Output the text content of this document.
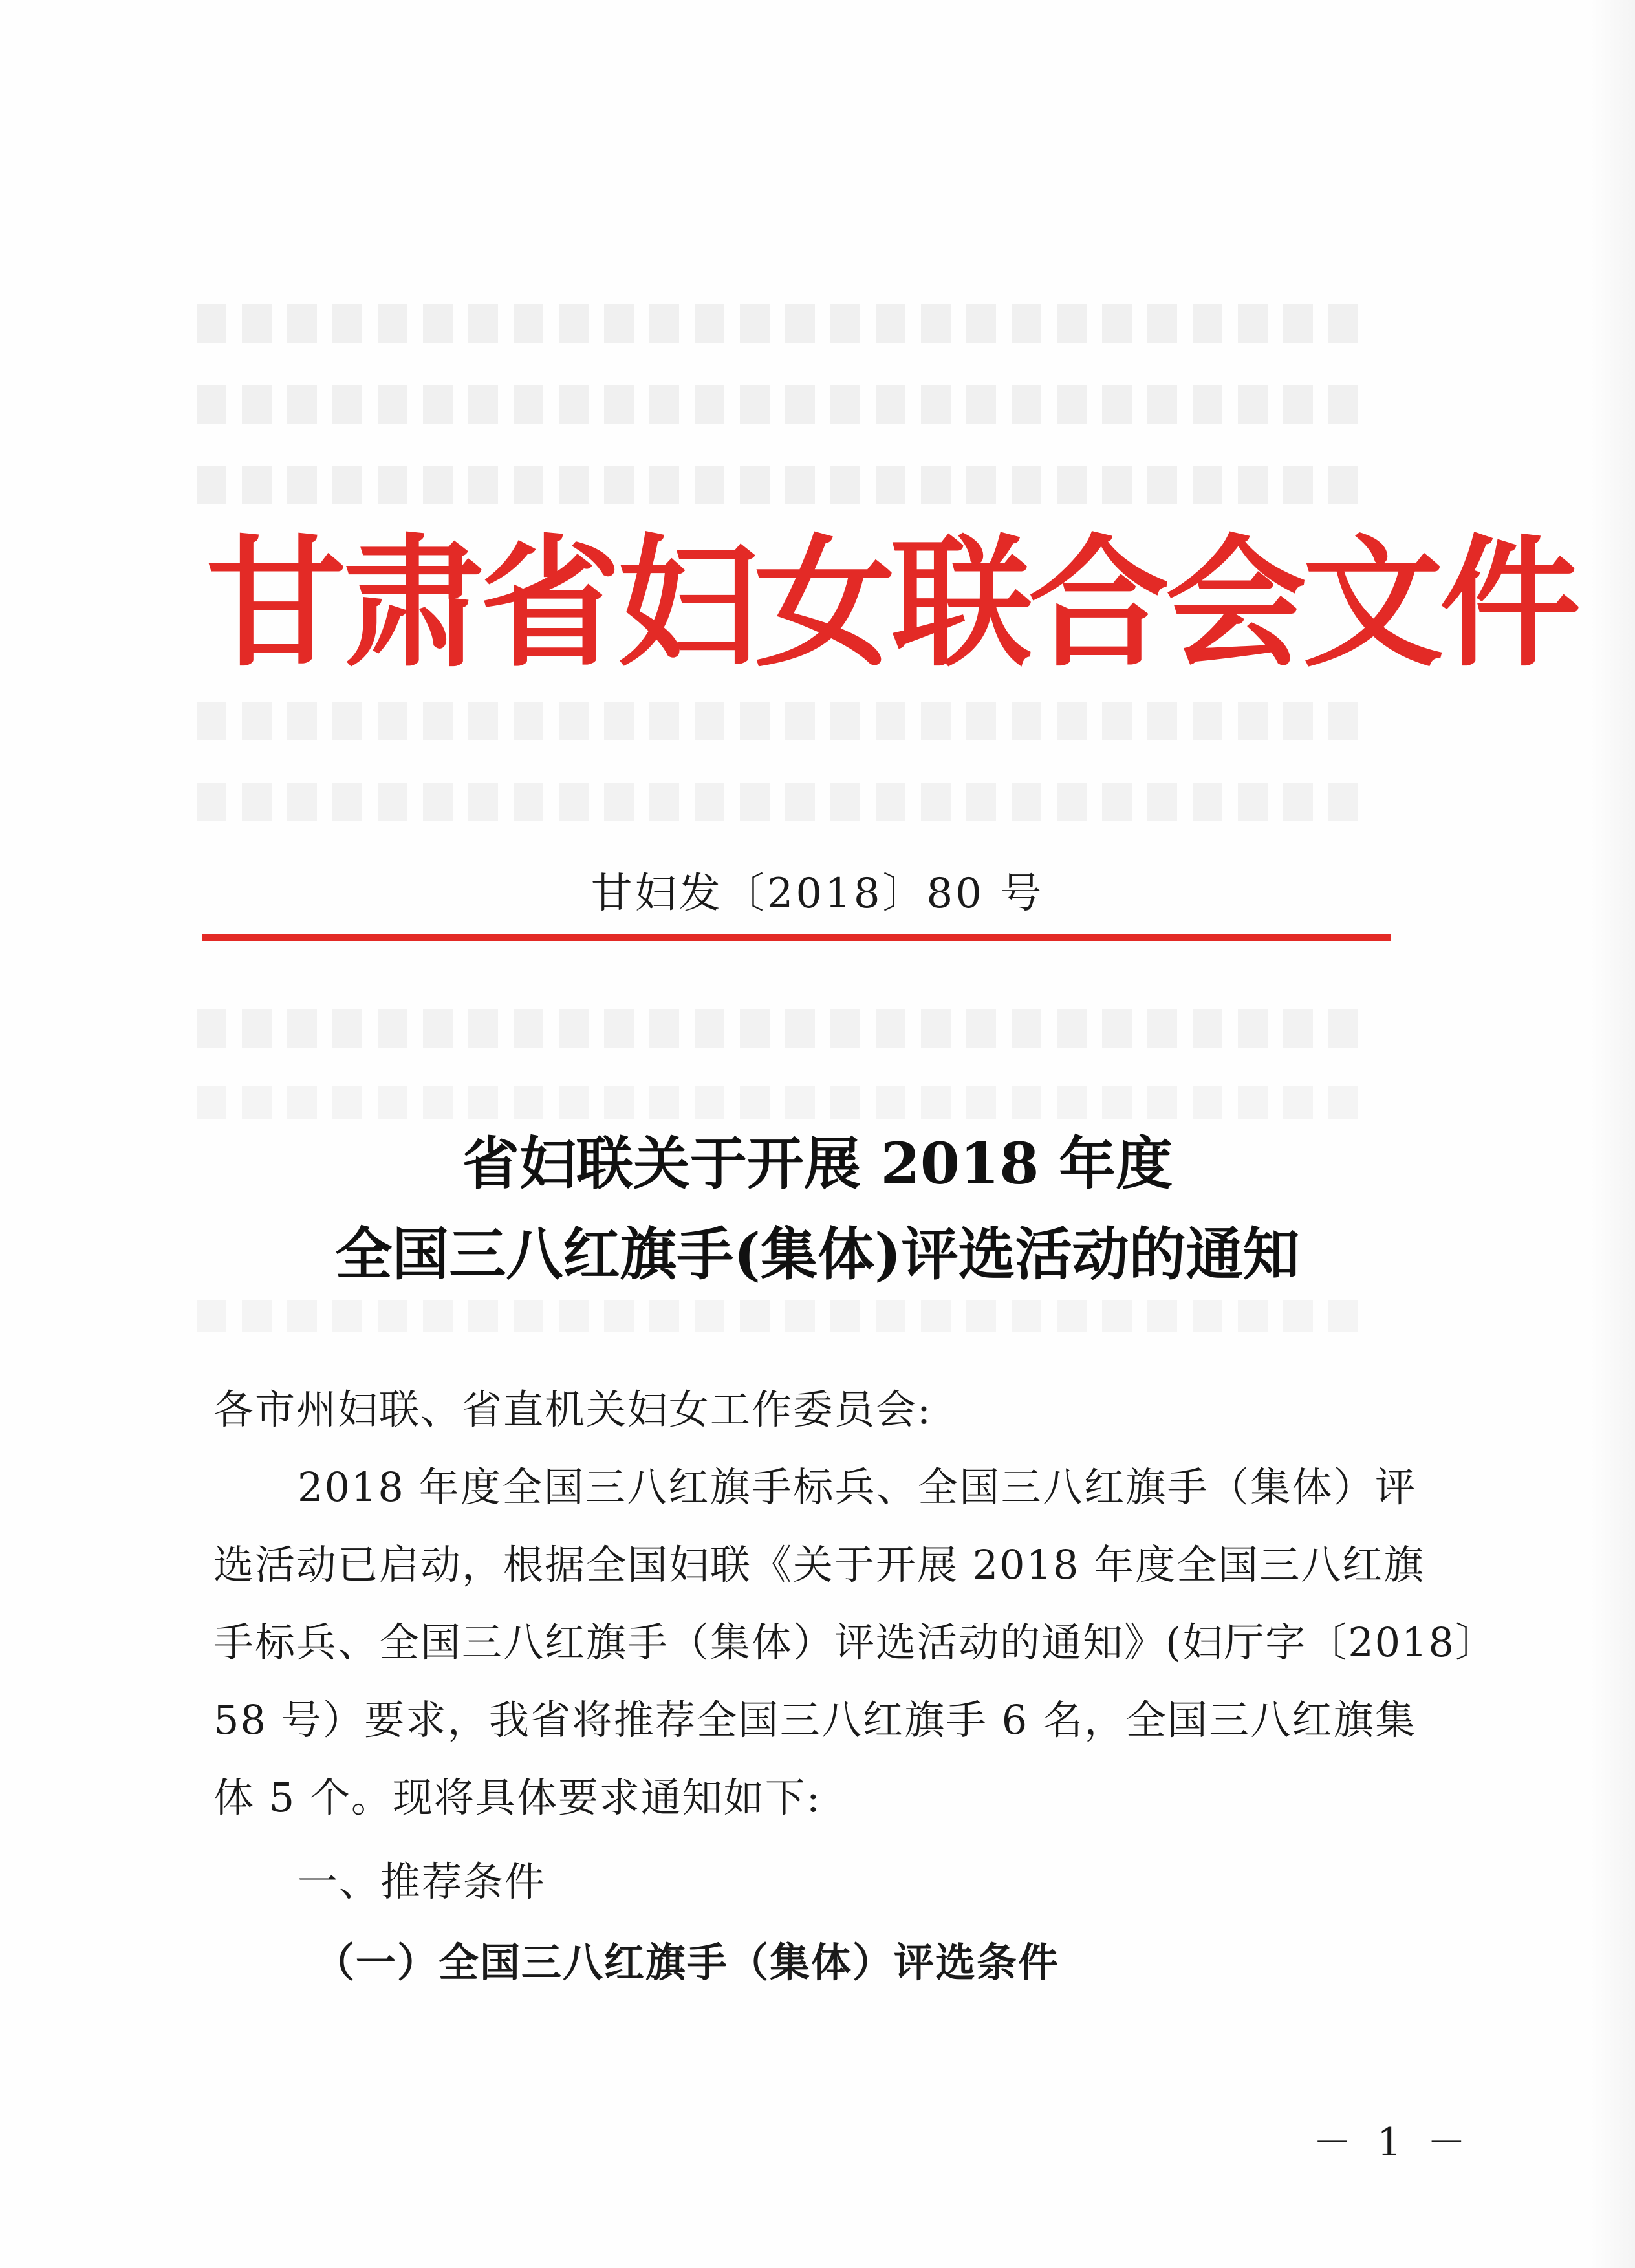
甘肃省妇女联合会文件
甘妇发〔2018〕80 号
省妇联关于开展 2018 年度
全国三八红旗手(集体)评选活动的通知
各市州妇联、省直机关妇女工作委员会:
2018 年度全国三八红旗手标兵、全国三八红旗手（集体）评
选活动已启动，根据全国妇联《关于开展 2018 年度全国三八红旗
手标兵、全国三八红旗手（集体）评选活动的通知》(妇厅字〔2018〕
58 号）要求，我省将推荐全国三八红旗手 6 名，全国三八红旗集
体 5 个。现将具体要求通知如下:
一、推荐条件
（一）全国三八红旗手（集体）评选条件
－ 1 －
